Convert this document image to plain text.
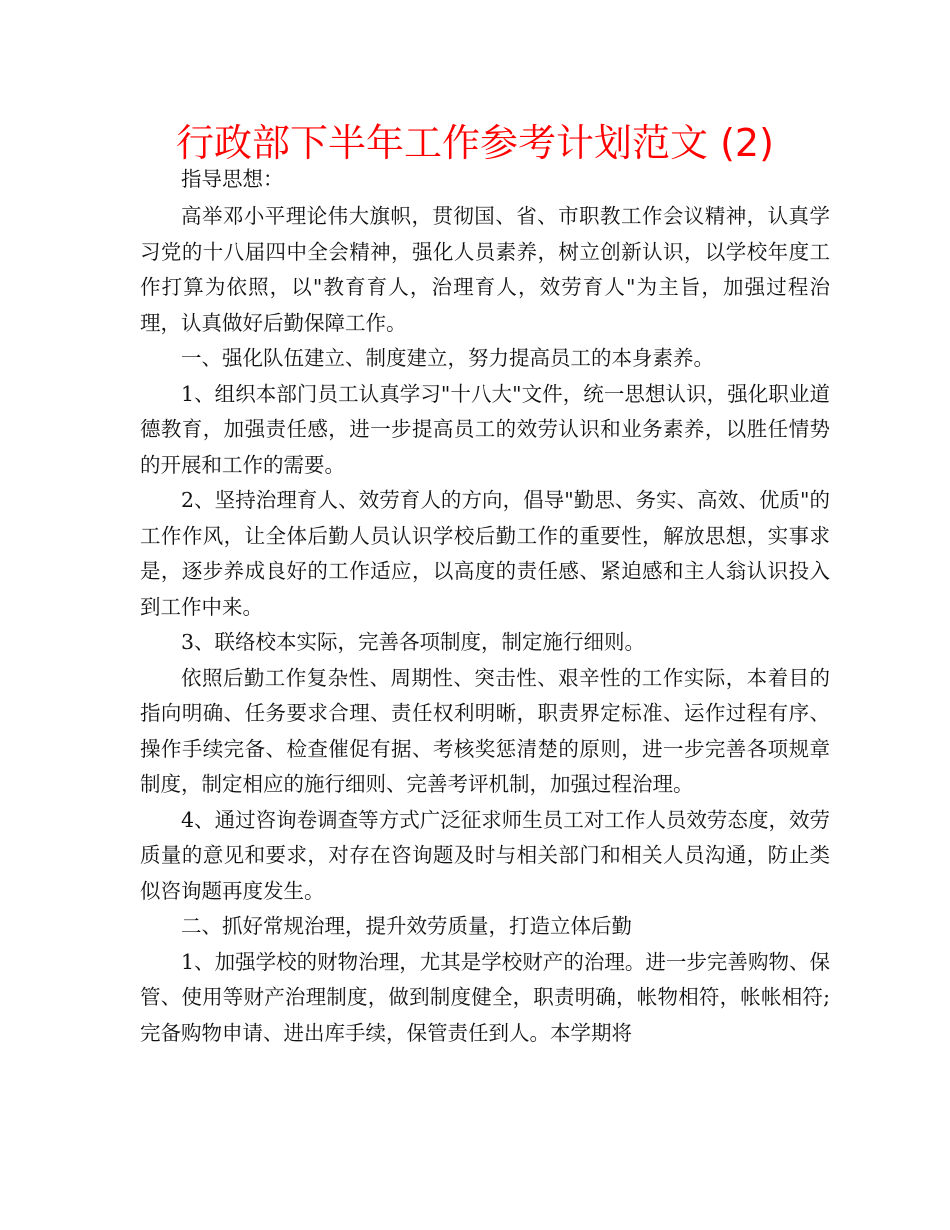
行政部下半年工作参考计划范文 (2)

指导思想：

高举邓小平理论伟大旗帜，贯彻国、省、市职教工作会议精神，认真学习党的十八届四中全会精神，强化人员素养，树立创新认识，以学校年度工作打算为依照，以"教育育人，治理育人，效劳育人"为主旨，加强过程治理，认真做好后勤保障工作。

一、强化队伍建立、制度建立，努力提高员工的本身素养。

1、组织本部门员工认真学习"十八大"文件，统一思想认识，强化职业道德教育，加强责任感，进一步提高员工的效劳认识和业务素养，以胜任情势的开展和工作的需要。

2、坚持治理育人、效劳育人的方向，倡导"勤思、务实、高效、优质"的工作作风，让全体后勤人员认识学校后勤工作的重要性，解放思想，实事求是，逐步养成良好的工作适应，以高度的责任感、紧迫感和主人翁认识投入到工作中来。

3、联络校本实际，完善各项制度，制定施行细则。

依照后勤工作复杂性、周期性、突击性、艰辛性的工作实际，本着目的指向明确、任务要求合理、责任权利明晰，职责界定标准、运作过程有序、操作手续完备、检查催促有据、考核奖惩清楚的原则，进一步完善各项规章制度，制定相应的施行细则、完善考评机制，加强过程治理。

4、通过咨询卷调查等方式广泛征求师生员工对工作人员效劳态度，效劳质量的意见和要求，对存在咨询题及时与相关部门和相关人员沟通，防止类似咨询题再度发生。

二、抓好常规治理，提升效劳质量，打造立体后勤

1、加强学校的财物治理，尤其是学校财产的治理。进一步完善购物、保管、使用等财产治理制度，做到制度健全，职责明确，帐物相符，帐帐相符;完备购物申请、进出库手续，保管责任到人。本学期将
